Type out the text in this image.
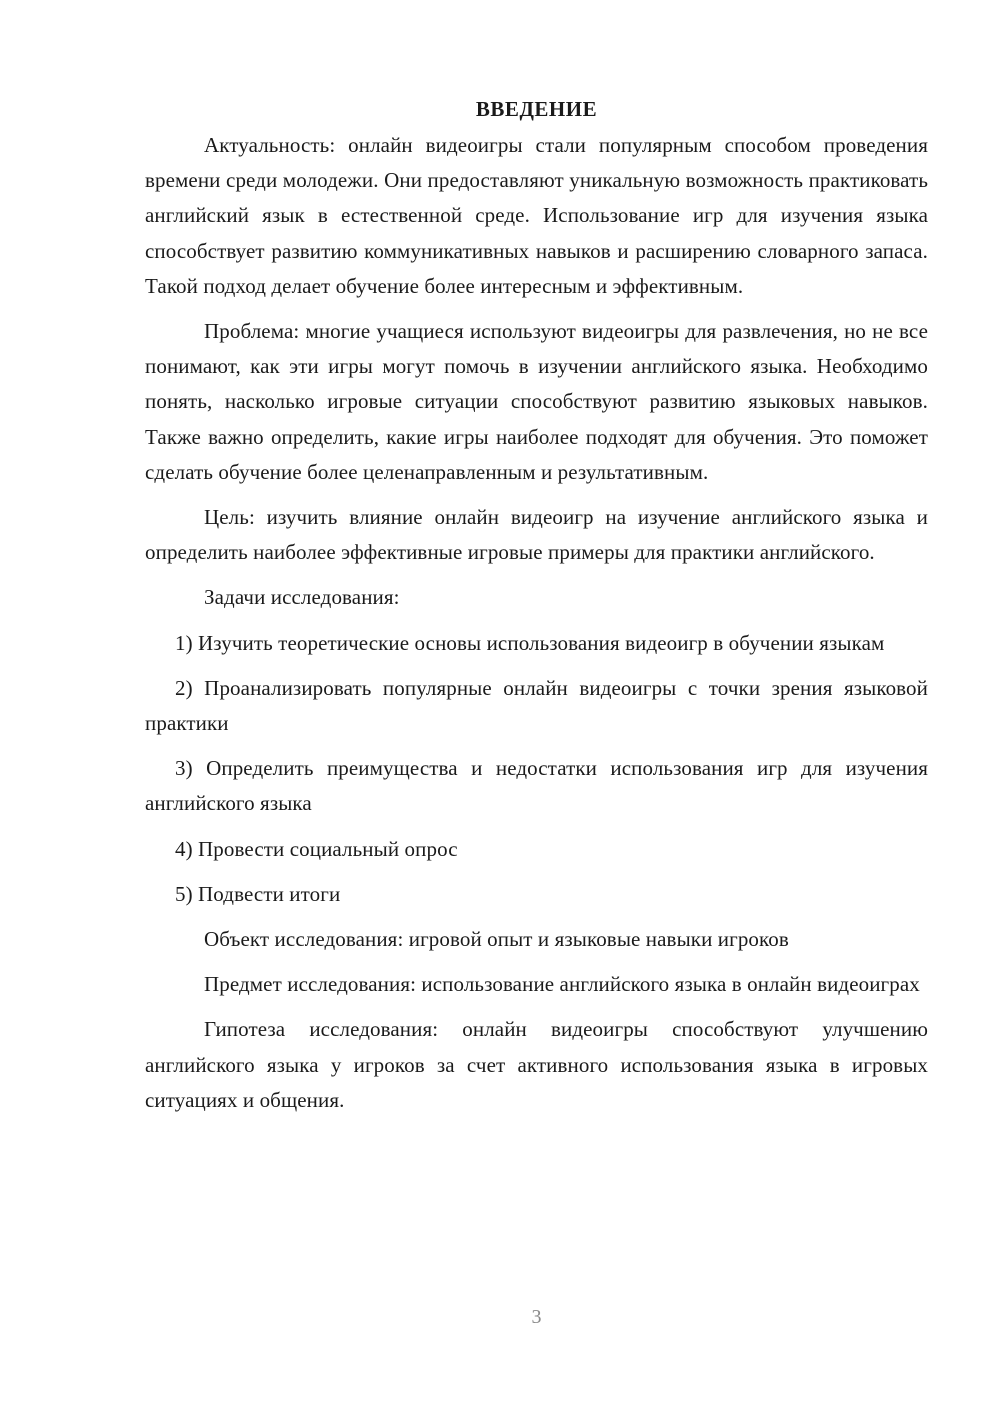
ВВЕДЕНИЕ

Актуальность: онлайн видеоигры стали популярным способом проведения времени среди молодежи. Они предоставляют уникальную возможность практиковать английский язык в естественной среде. Использование игр для изучения языка способствует развитию коммуникативных навыков и расширению словарного запаса. Такой подход делает обучение более интересным и эффективным.

Проблема: многие учащиеся используют видеоигры для развлечения, но не все понимают, как эти игры могут помочь в изучении английского языка. Необходимо понять, насколько игровые ситуации способствуют развитию языковых навыков. Также важно определить, какие игры наиболее подходят для обучения. Это поможет сделать обучение более целенаправленным и результативным.

Цель: изучить влияние онлайн видеоигр на изучение английского языка и определить наиболее эффективные игровые примеры для практики английского.

Задачи исследования:

1) Изучить теоретические основы использования видеоигр в обучении языкам

2) Проанализировать популярные онлайн видеоигры с точки зрения языковой практики

3) Определить преимущества и недостатки использования игр для изучения английского языка

4) Провести социальный опрос

5) Подвести итоги

Объект исследования: игровой опыт и языковые навыки игроков

Предмет исследования: использование английского языка в онлайн видеоиграх

Гипотеза исследования: онлайн видеоигры способствуют улучшению английского языка у игроков за счет активного использования языка в игровых ситуациях и общения.

3
